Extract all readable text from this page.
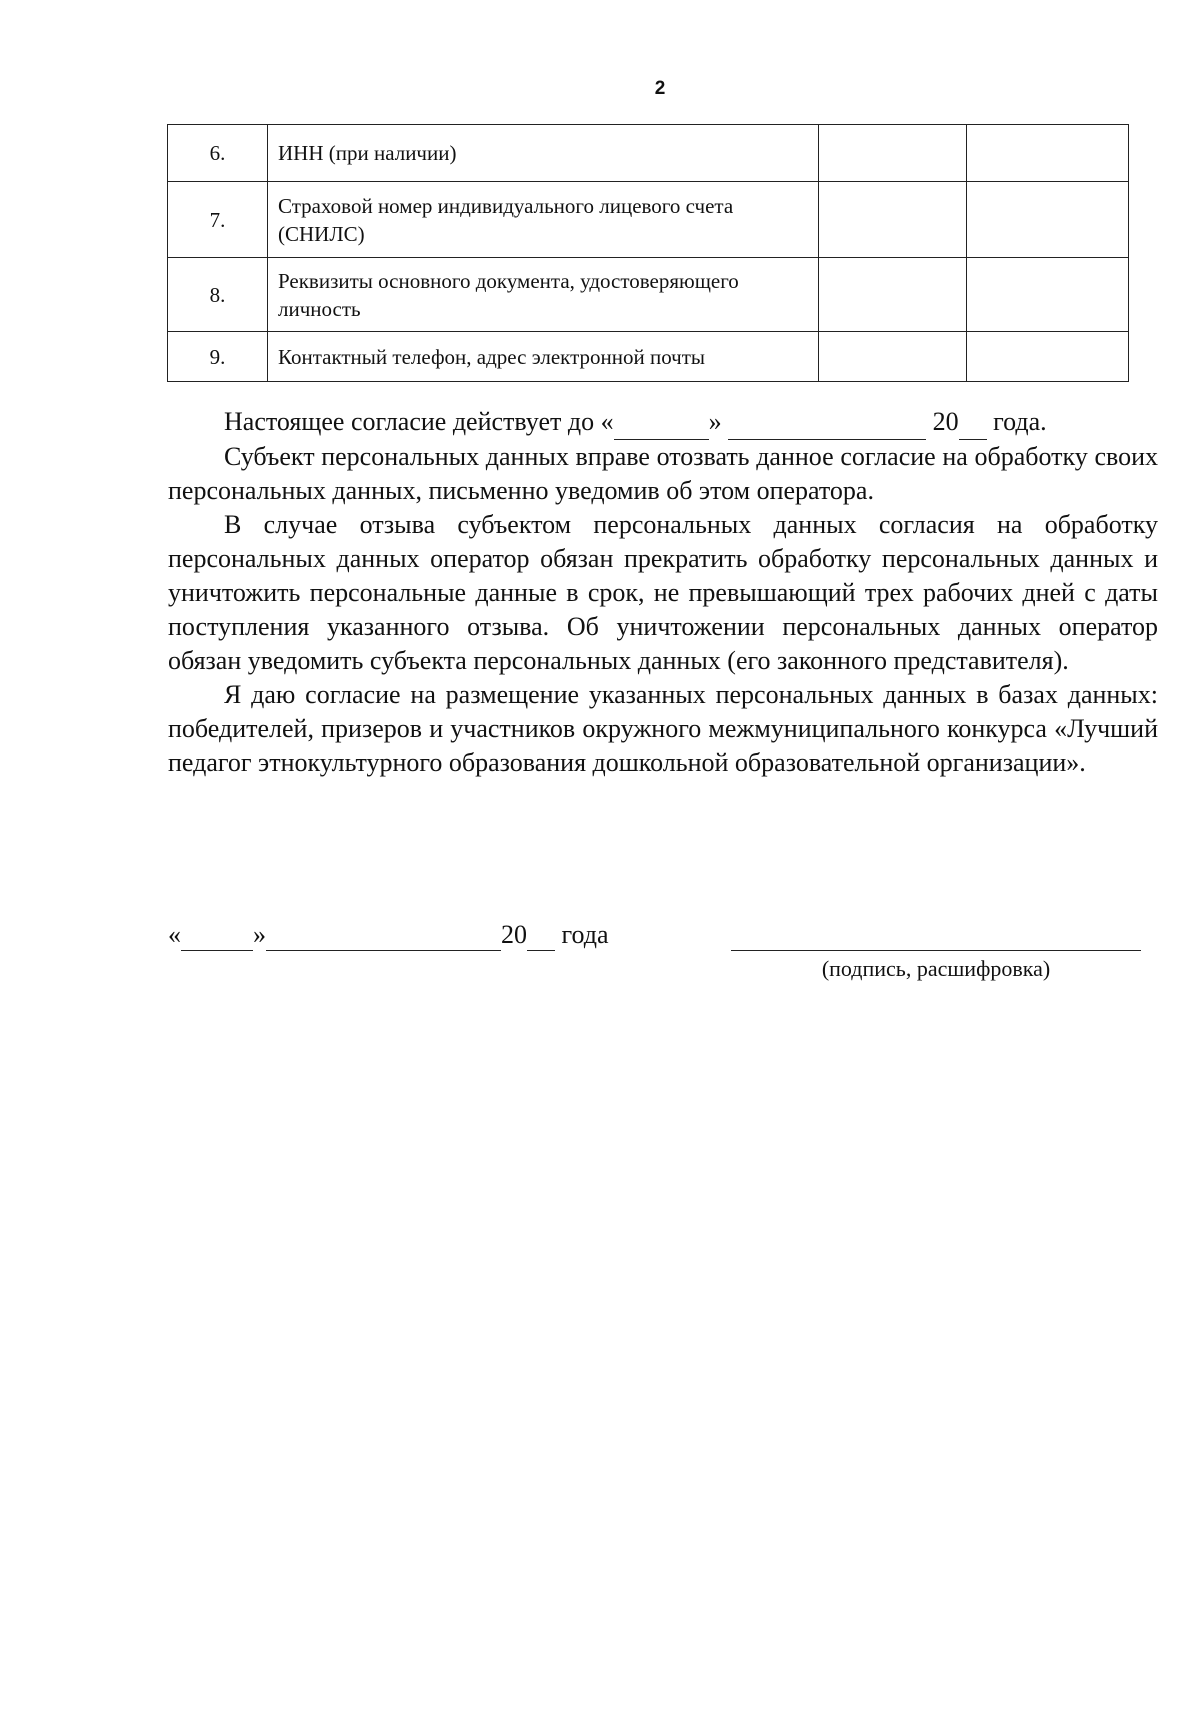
2
6.	ИНН (при наличии)		
7.	Страховой номер индивидуального лицевого счета (СНИЛС)		
8.	Реквизиты основного документа, удостоверяющего личность		
9.	Контактный телефон, адрес электронной почты		

Настоящее согласие действует до «	»	20  года.

Субъект персональных данных вправе отозвать данное согласие на обработку своих персональных данных, письменно уведомив об этом оператора.

В случае отзыва субъектом персональных данных согласия на обработку персональных данных оператор обязан прекратить обработку персональных данных и уничтожить персональные данные в срок, не превышающий трех рабочих дней с даты поступления указанного отзыва. Об уничтожении персональных данных оператор обязан уведомить субъекта персональных данных (его законного представителя).

Я даю согласие на размещение указанных персональных данных в базах данных: победителей, призеров и участников окружного межмуниципального конкурса «Лучший педагог этнокультурного образования дошкольной образовательной организации».

«	»	20  года
(подпись, расшифровка)
